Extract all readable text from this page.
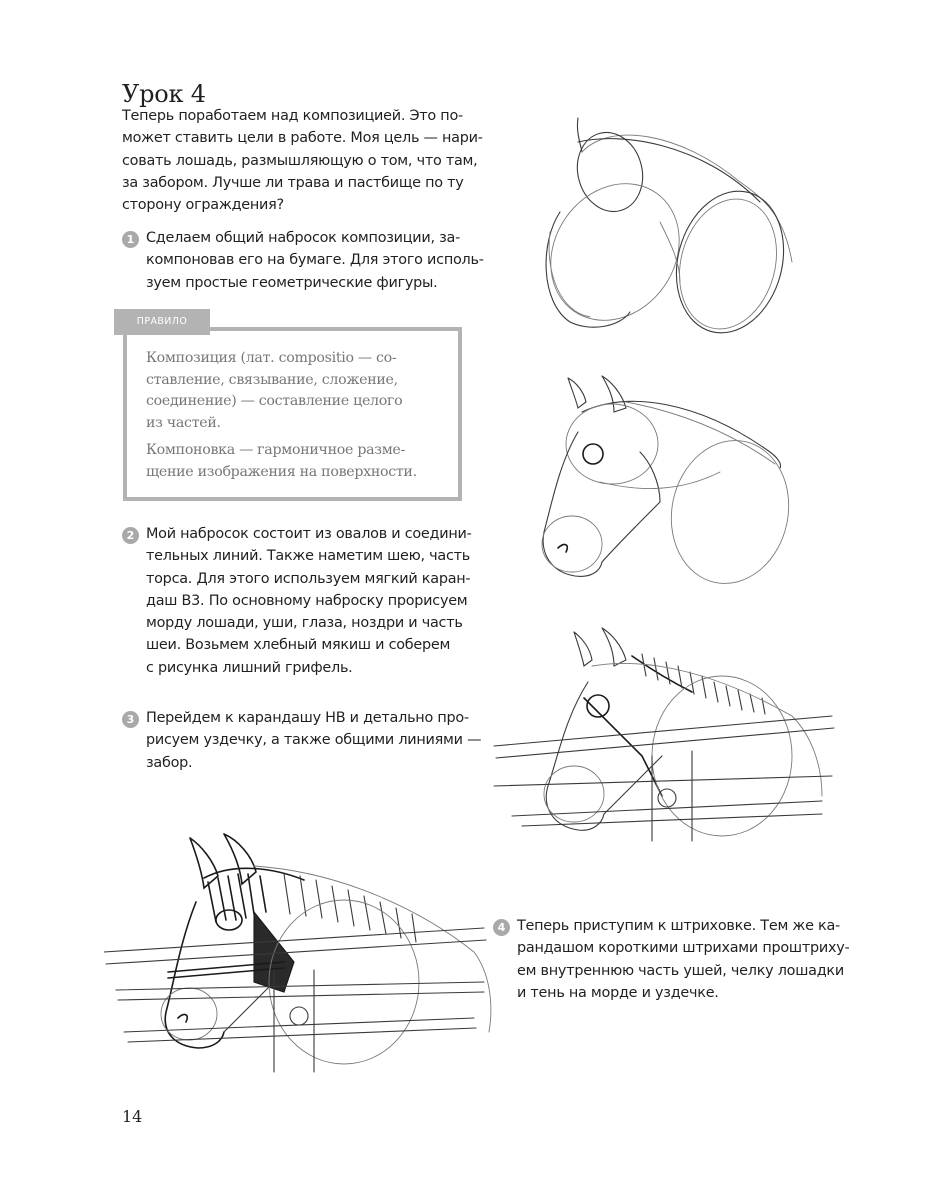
Урок 4

Теперь поработаем над композицией. Это по-
может ставить цели в работе. Моя цель — нари-
совать лошадь, размышляющую о том, что там,
за забором. Лучше ли трава и пастбище по ту
сторону ограждения?

1 Сделаем общий набросок композиции, за-
компоновав его на бумаге. Для этого исполь-
зуем простые геометрические фигуры.

ПРАВИЛО

Композиция (лат. compositio — со-
ставление, связывание, сложение,
соединение) — составление целого
из частей.

Компоновка — гармоничное разме-
щение изображения на поверхности.

2 Мой набросок состоит из овалов и соедини-
тельных линий. Также наметим шею, часть
торса. Для этого используем мягкий каран-
даш B3. По основному наброску прорисуем
морду лошади, уши, глаза, ноздри и часть
шеи. Возьмем хлебный мякиш и соберем
с рисунка лишний грифель.

3 Перейдем к карандашу HB и детально про-
рисуем уздечку, а также общими линиями —
забор.

4 Теперь приступим к штриховке. Тем же ка-
рандашом короткими штрихами проштриху-
ем внутреннюю часть ушей, челку лошадки
и тень на морде и уздечке.

14
